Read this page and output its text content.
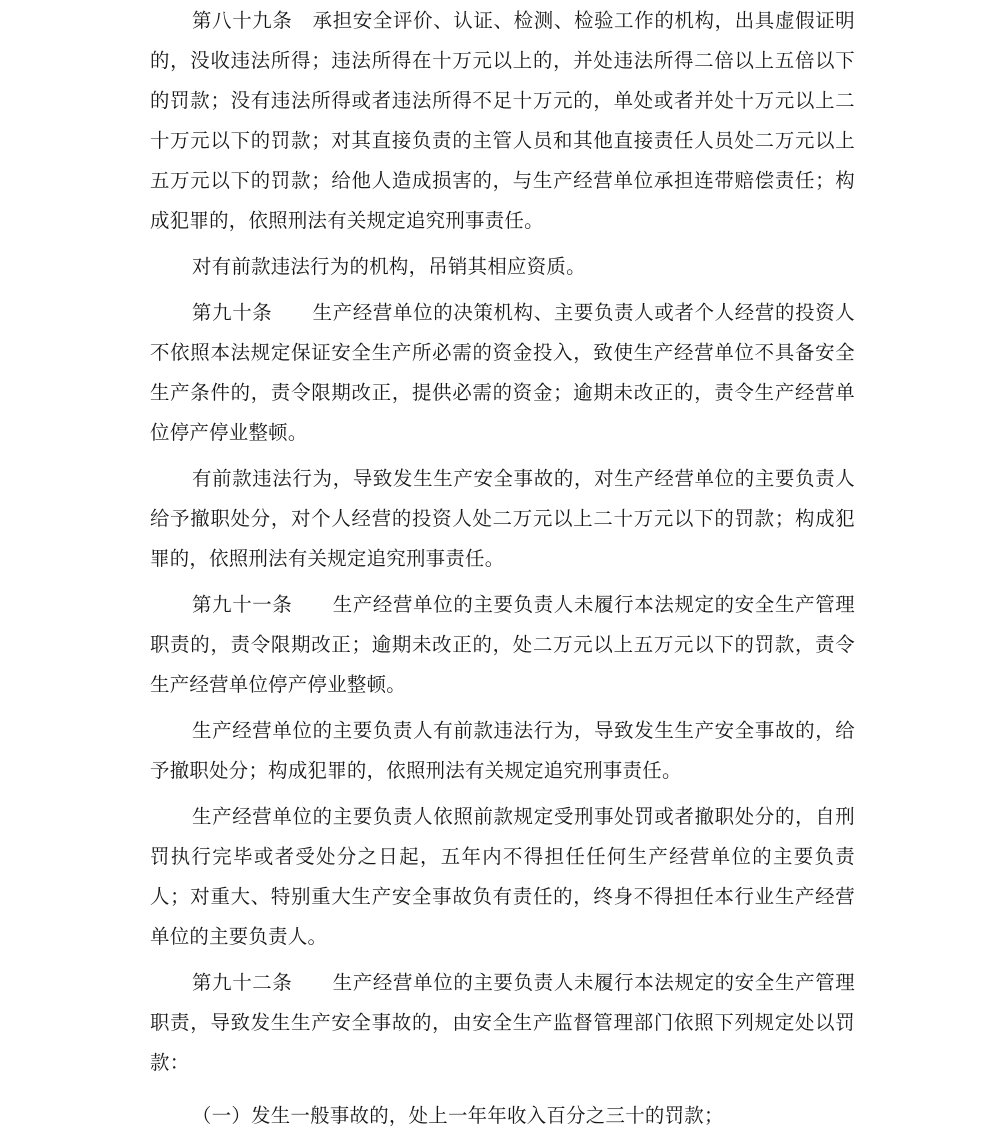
第八十九条　承担安全评价、认证、检测、检验工作的机构，出具虚假证明的，没收违法所得；违法所得在十万元以上的，并处违法所得二倍以上五倍以下的罚款；没有违法所得或者违法所得不足十万元的，单处或者并处十万元以上二十万元以下的罚款；对其直接负责的主管人员和其他直接责任人员处二万元以上五万元以下的罚款；给他人造成损害的，与生产经营单位承担连带赔偿责任；构成犯罪的，依照刑法有关规定追究刑事责任。

对有前款违法行为的机构，吊销其相应资质。

第九十条　　生产经营单位的决策机构、主要负责人或者个人经营的投资人不依照本法规定保证安全生产所必需的资金投入，致使生产经营单位不具备安全生产条件的，责令限期改正，提供必需的资金；逾期未改正的，责令生产经营单位停产停业整顿。

有前款违法行为，导致发生生产安全事故的，对生产经营单位的主要负责人给予撤职处分，对个人经营的投资人处二万元以上二十万元以下的罚款；构成犯罪的，依照刑法有关规定追究刑事责任。

第九十一条　　生产经营单位的主要负责人未履行本法规定的安全生产管理职责的，责令限期改正；逾期未改正的，处二万元以上五万元以下的罚款，责令生产经营单位停产停业整顿。

生产经营单位的主要负责人有前款违法行为，导致发生生产安全事故的，给予撤职处分；构成犯罪的，依照刑法有关规定追究刑事责任。

生产经营单位的主要负责人依照前款规定受刑事处罚或者撤职处分的，自刑罚执行完毕或者受处分之日起，五年内不得担任任何生产经营单位的主要负责人；对重大、特别重大生产安全事故负有责任的，终身不得担任本行业生产经营单位的主要负责人。

第九十二条　　生产经营单位的主要负责人未履行本法规定的安全生产管理职责，导致发生生产安全事故的，由安全生产监督管理部门依照下列规定处以罚款：

（一）发生一般事故的，处上一年年收入百分之三十的罚款；
